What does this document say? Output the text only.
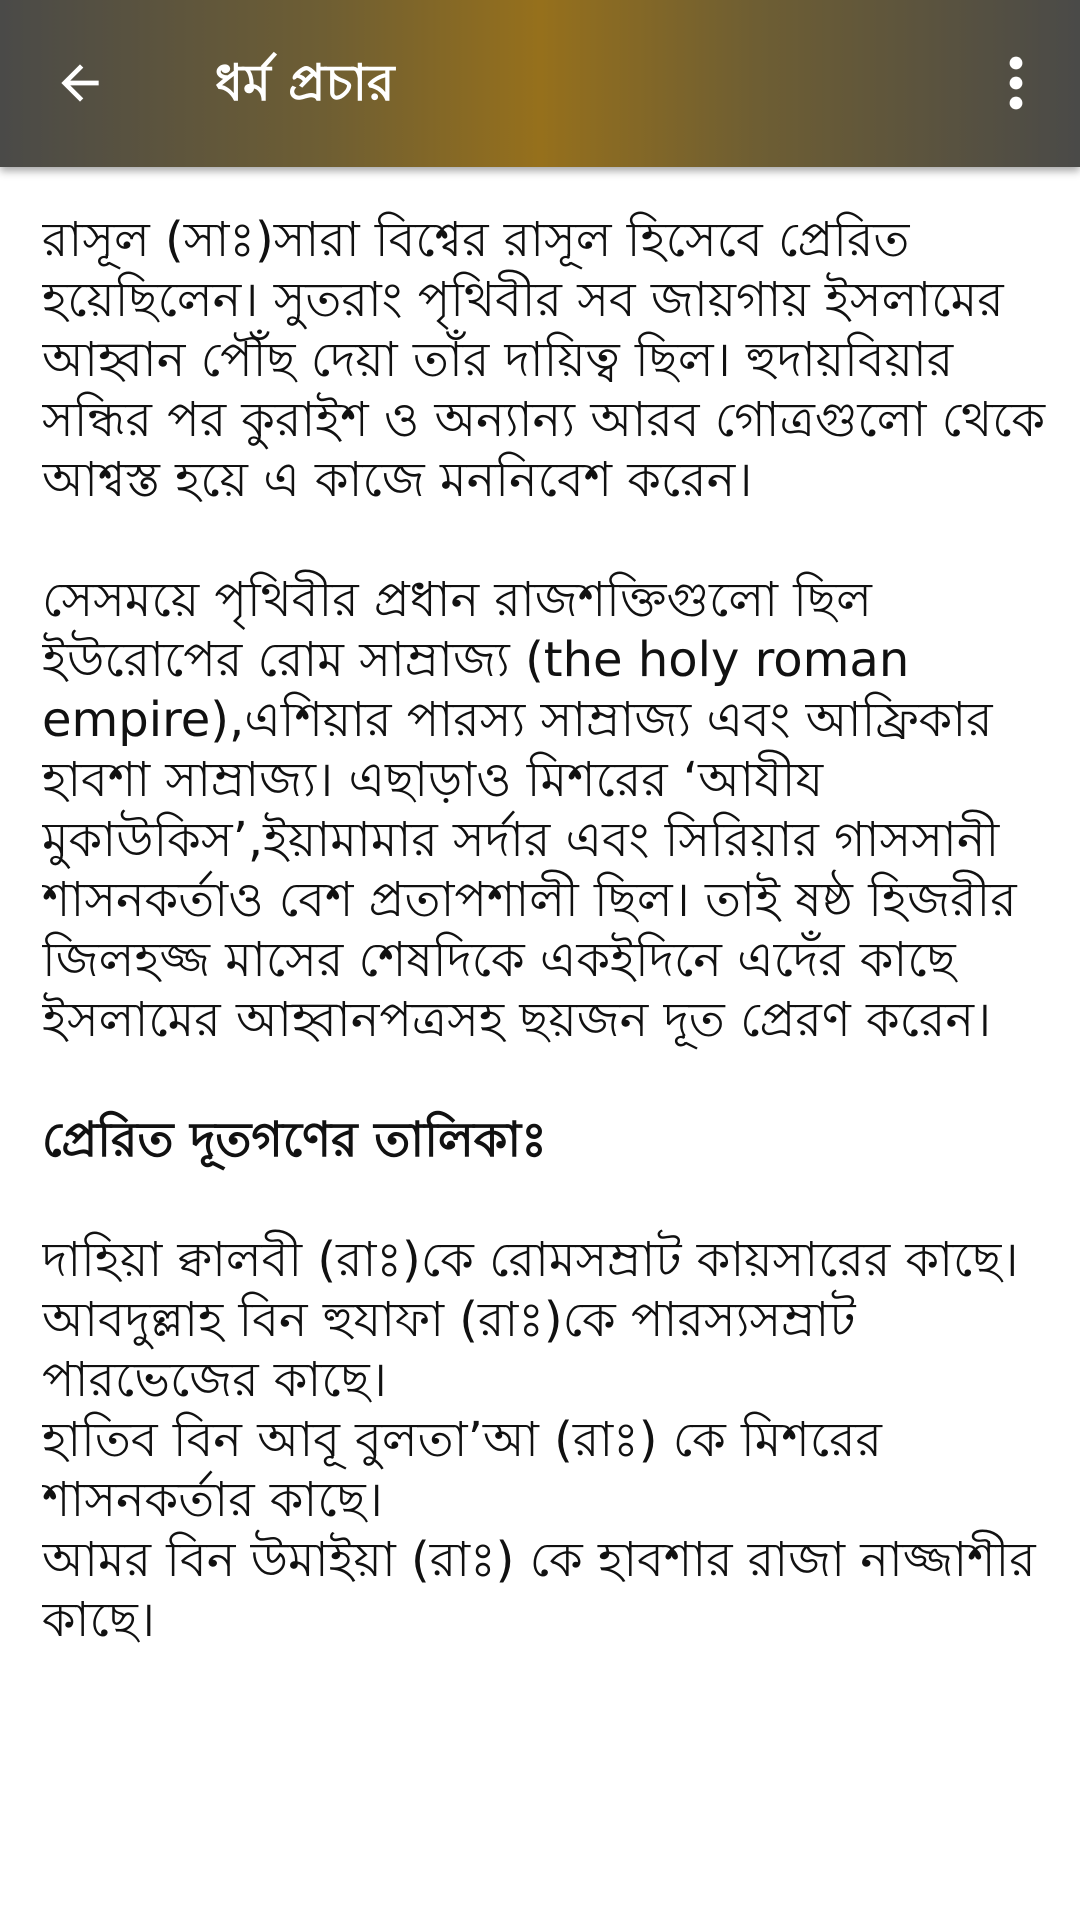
ধর্ম প্রচার

রাসূল (সাঃ)সারা বিশ্বের রাসূল হিসেবে প্রেরিত হয়েছিলেন। সুতরাং পৃথিবীর সব জায়গায় ইসলামের আহ্বান পৌঁছ দেয়া তাঁর দায়িত্ব ছিল। হুদায়বিয়ার সন্ধির পর কুরাইশ ও অন্যান্য আরব গোত্রগুলো থেকে আশ্বস্ত হয়ে এ কাজে মননিবেশ করেন।

সেসময়ে পৃথিবীর প্রধান রাজশক্তিগুলো ছিল ইউরোপের রোম সাম্রাজ্য (the holy roman empire),এশিয়ার পারস্য সাম্রাজ্য এবং আফ্রিকার হাবশা সাম্রাজ্য। এছাড়াও মিশরের ‘আযীয মুকাউকিস’,ইয়ামামার সর্দার এবং সিরিয়ার গাসসানী শাসনকর্তাও বেশ প্রতাপশালী ছিল। তাই ষষ্ঠ হিজরীর জিলহজ্জ মাসের শেষদিকে একইদিনে এদেঁর কাছে ইসলামের আহ্বানপত্রসহ ছয়জন দূত প্রেরণ করেন।

প্রেরিত দূতগণের তালিকাঃ

দাহিয়া ক্বালবী (রাঃ)কে রোমসম্রাট কায়সারের কাছে।

আবদুল্লাহ বিন হুযাফা (রাঃ)কে পারস্যসম্রাট পারভেজের কাছে।

হাতিব বিন আবূ বুলতা’আ (রাঃ) কে মিশরের শাসনকর্তার কাছে।

আমর বিন উমাইয়া (রাঃ) কে হাবশার রাজা নাজ্জাশীর কাছে।
